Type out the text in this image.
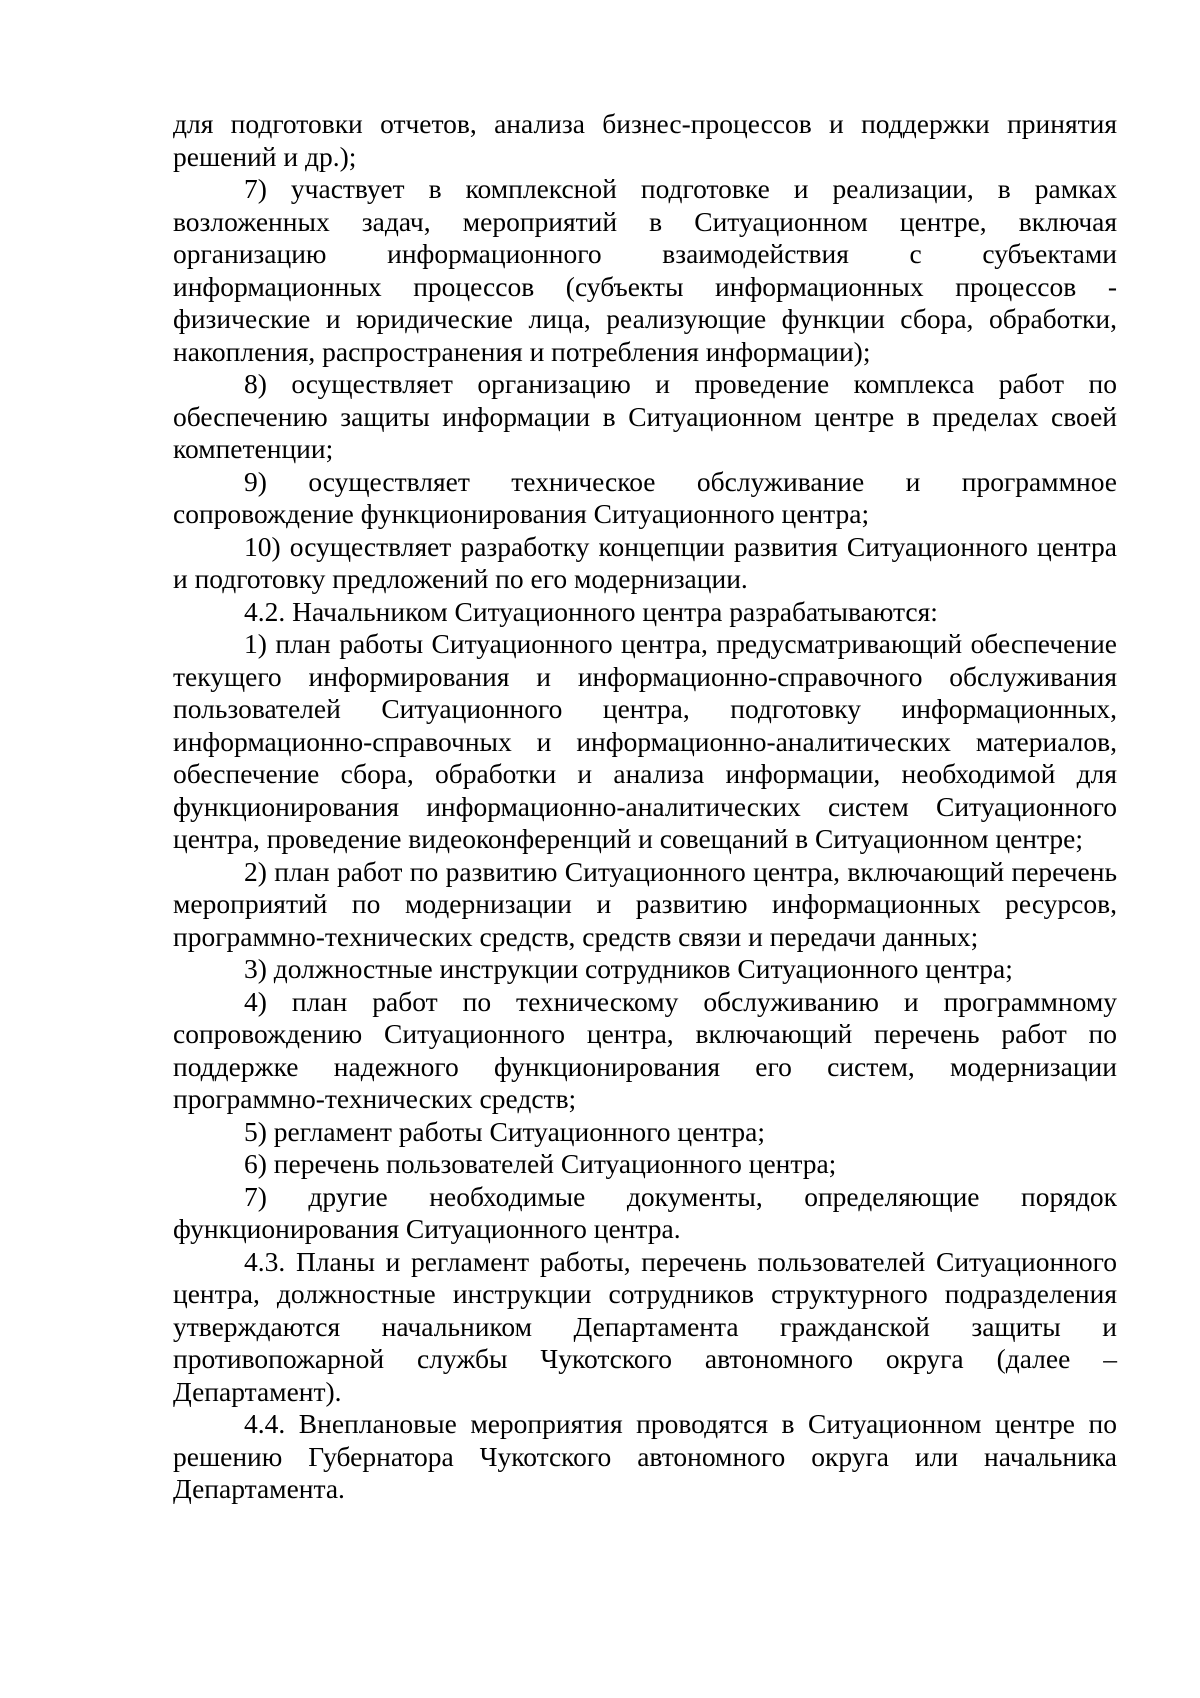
для подготовки отчетов, анализа бизнес-процессов и поддержки принятия решений и др.);

7) участвует в комплексной подготовке и реализации, в рамках возложенных задач, мероприятий в Ситуационном центре, включая организацию информационного взаимодействия с субъектами информационных процессов (субъекты информационных процессов - физические и юридические лица, реализующие функции сбора, обработки, накопления, распространения и потребления информации);

8) осуществляет организацию и проведение комплекса работ по обеспечению защиты информации в Ситуационном центре в пределах своей компетенции;

9) осуществляет техническое обслуживание и программное сопровождение функционирования Ситуационного центра;

10) осуществляет разработку концепции развития Ситуационного центра и подготовку предложений по его модернизации.

4.2. Начальником Ситуационного центра разрабатываются:

1) план работы Ситуационного центра, предусматривающий обеспечение текущего информирования и информационно-справочного обслуживания пользователей Ситуационного центра, подготовку информационных, информационно-справочных и информационно-аналитических материалов, обеспечение сбора, обработки и анализа информации, необходимой для функционирования информационно-аналитических систем Ситуационного центра, проведение видеоконференций и совещаний в Ситуационном центре;

2) план работ по развитию Ситуационного центра, включающий перечень мероприятий по модернизации и развитию информационных ресурсов, программно-технических средств, средств связи и передачи данных;

3) должностные инструкции сотрудников Ситуационного центра;

4) план работ по техническому обслуживанию и программному сопровождению Ситуационного центра, включающий перечень работ по поддержке надежного функционирования его систем, модернизации программно-технических средств;

5) регламент работы Ситуационного центра;

6) перечень пользователей Ситуационного центра;

7) другие необходимые документы, определяющие порядок функционирования Ситуационного центра.

4.3. Планы и регламент работы, перечень пользователей Ситуационного центра, должностные инструкции сотрудников структурного подразделения утверждаются начальником Департамента гражданской защиты и противопожарной службы Чукотского автономного округа (далее – Департамент).

4.4. Внеплановые мероприятия проводятся в Ситуационном центре по решению Губернатора Чукотского автономного округа или начальника Департамента.
